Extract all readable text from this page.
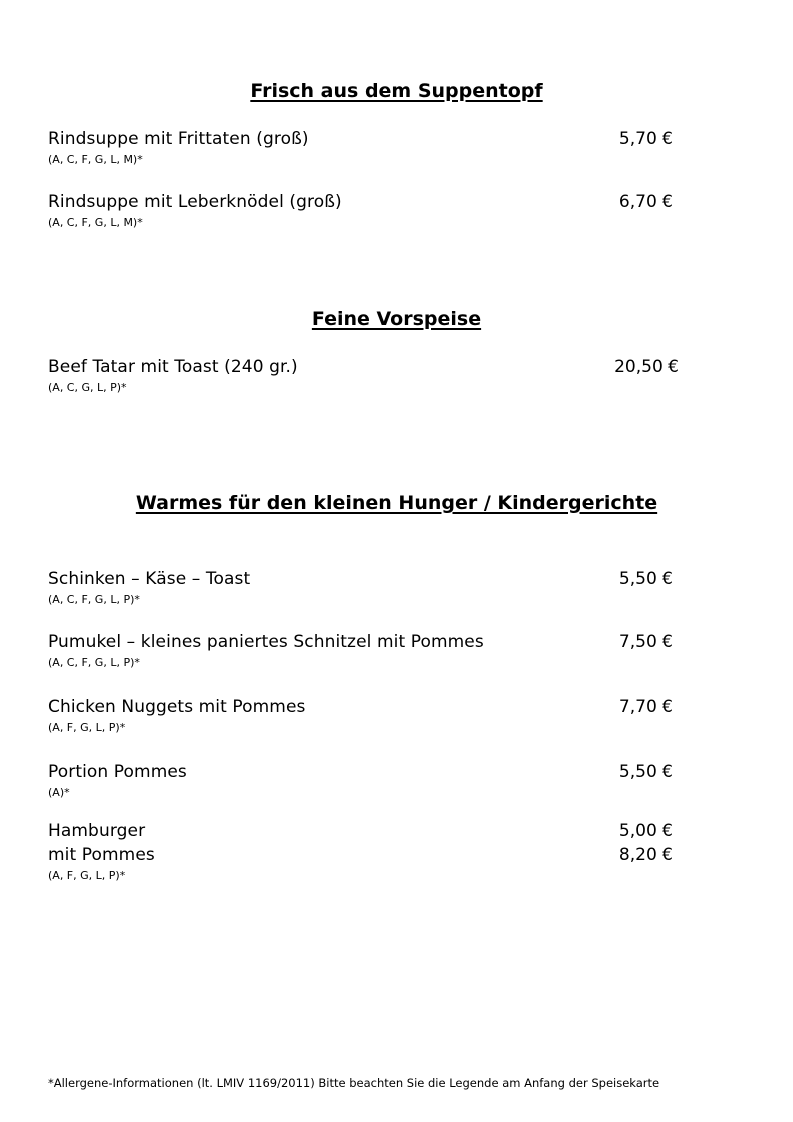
Frisch aus dem Suppentopf
Rindsuppe mit Frittaten (groß)	5,70 €
(A, C, F, G, L, M)*
Rindsuppe mit Leberknödel (groß)	6,70 €
(A, C, F, G, L, M)*
Feine Vorspeise
Beef Tatar mit Toast (240 gr.)	20,50 €
(A, C, G, L, P)*
Warmes für den kleinen Hunger / Kindergerichte
Schinken – Käse – Toast	5,50 €
(A, C, F, G, L, P)*
Pumukel – kleines paniertes Schnitzel mit Pommes	7,50 €
(A, C, F, G, L, P)*
Chicken Nuggets mit Pommes	7,70 €
(A, F, G, L, P)*
Portion Pommes	5,50 €
(A)*
Hamburger	5,00 €
mit Pommes	8,20 €
(A, F, G, L, P)*
*Allergene-Informationen (lt. LMIV 1169/2011) Bitte beachten Sie die Legende am Anfang der Speisekarte
